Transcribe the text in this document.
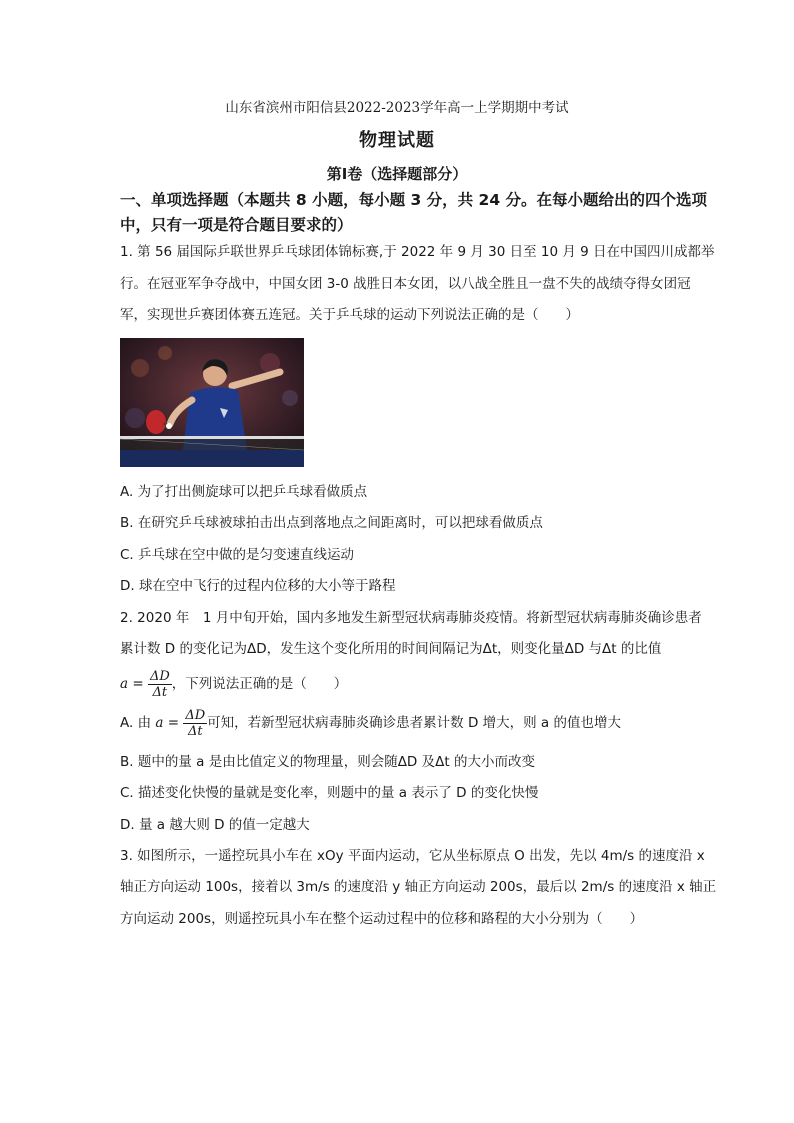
山东省滨州市阳信县2022-2023学年高一上学期期中考试
物理试题
第Ⅰ卷（选择题部分）
一、单项选择题（本题共 8 小题，每小题 3 分，共 24 分。在每小题给出的四个选项
中，只有一项是符合题目要求的）
1. 第 56 届国际乒联世界乒乓球团体锦标赛,于 2022 年 9 月 30 日至 10 月 9 日在中国四川成都举
行。在冠亚军争夺战中，中国女团 3-0 战胜日本女团，以八战全胜且一盘不失的战绩夺得女团冠
军，实现世乒赛团体赛五连冠。关于乒乓球的运动下列说法正确的是（　　）
A. 为了打出侧旋球可以把乒乓球看做质点
B. 在研究乒乓球被球拍击出点到落地点之间距离时，可以把球看做质点
C. 乒乓球在空中做的是匀变速直线运动
D. 球在空中飞行的过程内位移的大小等于路程
2. 2020 年　1 月中旬开始，国内多地发生新型冠状病毒肺炎疫情。将新型冠状病毒肺炎确诊患者
累计数 D 的变化记为ΔD，发生这个变化所用的时间间隔记为Δt，则变化量ΔD 与Δt 的比值
$a = \frac{\Delta D}{\Delta t}$ ，下列说法正确的是（　　）
A. 由 $a = \frac{\Delta D}{\Delta t}$ 可知，若新型冠状病毒肺炎确诊患者累计数 D 增大，则 a 的值也增大
B. 题中的量 a 是由比值定义的物理量，则会随ΔD 及Δt 的大小而改变
C. 描述变化快慢的量就是变化率，则题中的量 a 表示了 D 的变化快慢
D. 量 a 越大则 D 的值一定越大
3. 如图所示，一遥控玩具小车在 xOy 平面内运动，它从坐标原点 O 出发，先以 4m/s 的速度沿 x
轴正方向运动 100s，接着以 3m/s 的速度沿 y 轴正方向运动 200s，最后以 2m/s 的速度沿 x 轴正
方向运动 200s，则遥控玩具小车在整个运动过程中的位移和路程的大小分别为（　　）
